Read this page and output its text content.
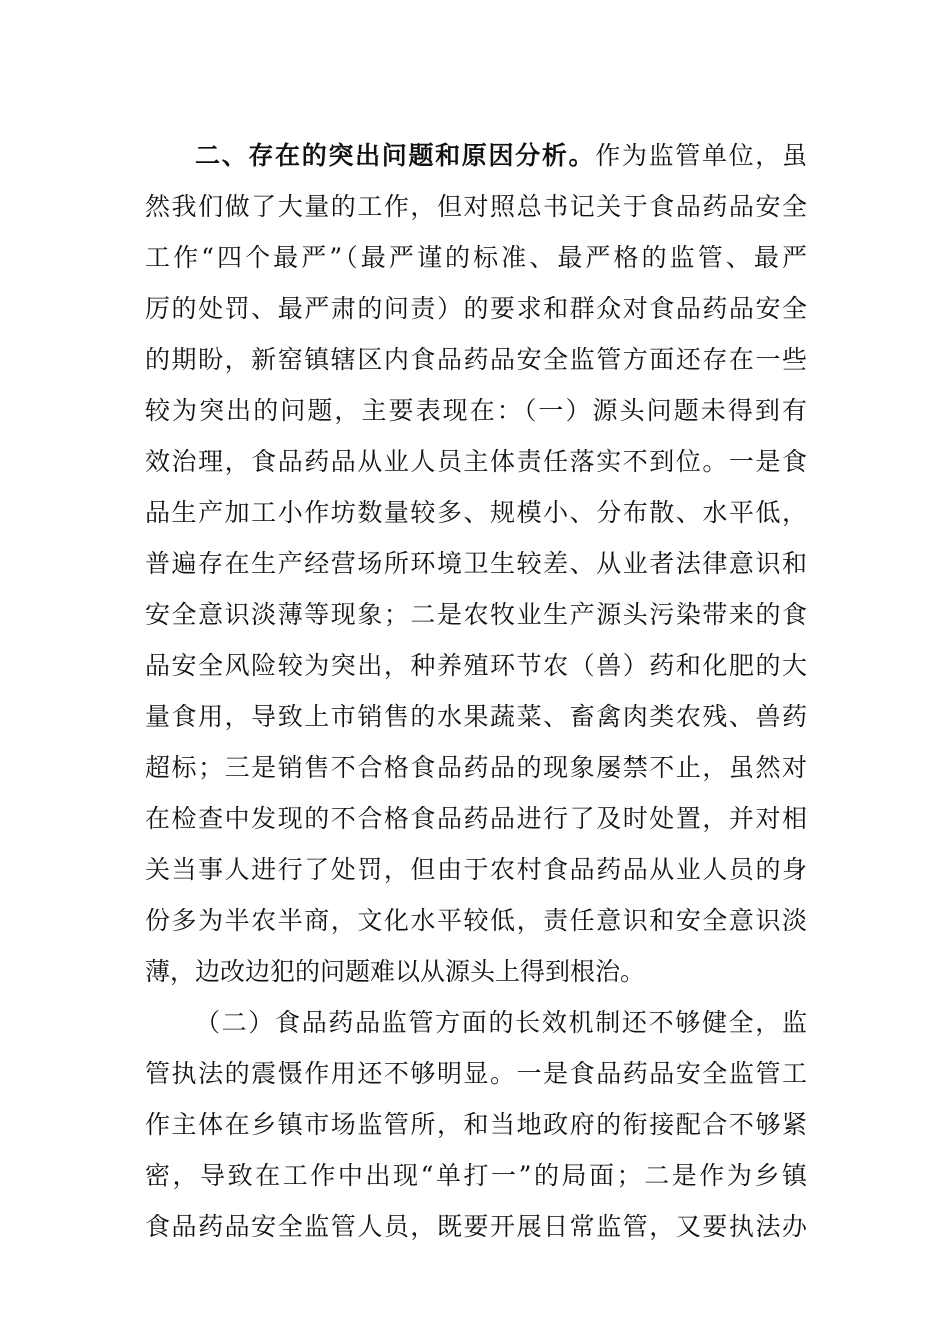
二、存在的突出问题和原因分析。作为监管单位，虽
然我们做了大量的工作，但对照总书记关于食品药品安全
工作“四个最严”（最严谨的标准、最严格的监管、最严
厉的处罚、最严肃的问责）的要求和群众对食品药品安全
的期盼，新窑镇辖区内食品药品安全监管方面还存在一些
较为突出的问题，主要表现在：（一）源头问题未得到有
效治理，食品药品从业人员主体责任落实不到位。一是食
品生产加工小作坊数量较多、规模小、分布散、水平低，
普遍存在生产经营场所环境卫生较差、从业者法律意识和
安全意识淡薄等现象；二是农牧业生产源头污染带来的食
品安全风险较为突出，种养殖环节农（兽）药和化肥的大
量食用，导致上市销售的水果蔬菜、畜禽肉类农残、兽药
超标；三是销售不合格食品药品的现象屡禁不止，虽然对
在检查中发现的不合格食品药品进行了及时处置，并对相
关当事人进行了处罚，但由于农村食品药品从业人员的身
份多为半农半商，文化水平较低，责任意识和安全意识淡
薄，边改边犯的问题难以从源头上得到根治。
（二）食品药品监管方面的长效机制还不够健全，监
管执法的震慑作用还不够明显。一是食品药品安全监管工
作主体在乡镇市场监管所，和当地政府的衔接配合不够紧
密，导致在工作中出现“单打一”的局面；二是作为乡镇
食品药品安全监管人员，既要开展日常监管，又要执法办
